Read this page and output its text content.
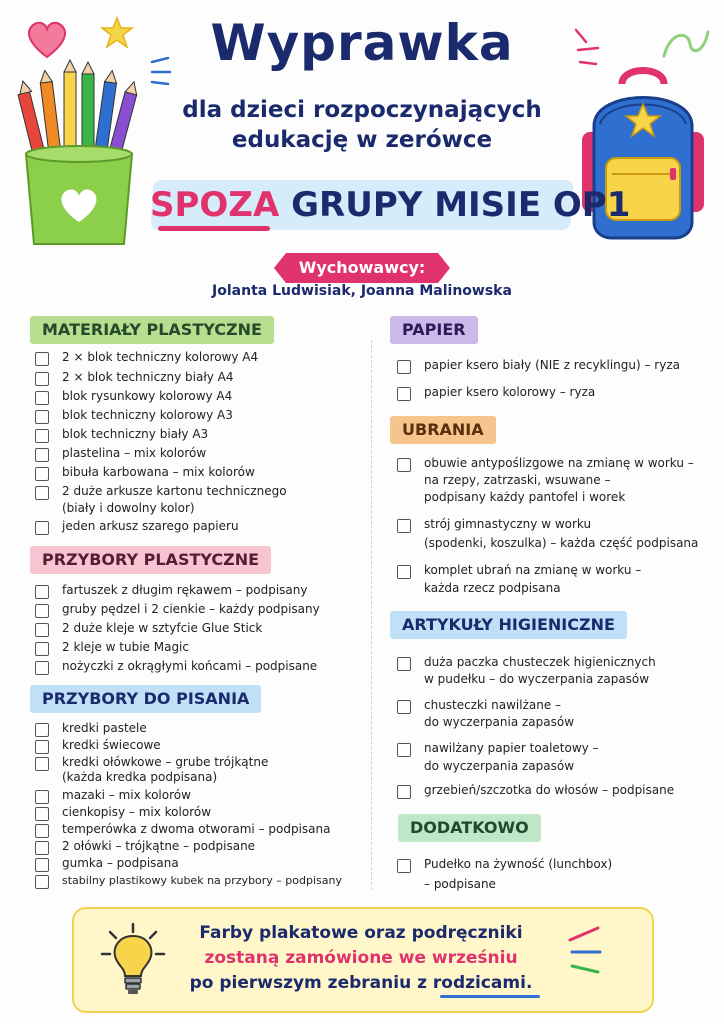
Wyprawka
dla dzieci rozpoczynających
edukację w zerówce
SPOZA GRUPY MISIE OP1
Wychowawcy:
Jolanta Ludwisiak, Joanna Malinowska
MATERIAŁY PLASTYCZNE
2 × blok techniczny kolorowy A4
2 × blok techniczny biały A4
blok rysunkowy kolorowy A4
blok techniczny kolorowy A3
blok techniczny biały A3
plastelina – mix kolorów
bibuła karbowana – mix kolorów
2 duże arkusze kartonu technicznego
(biały i dowolny kolor)
jeden arkusz szarego papieru
PRZYBORY PLASTYCZNE
fartuszek z długim rękawem – podpisany
gruby pędzel i 2 cienkie – każdy podpisany
2 duże kleje w sztyfcie Glue Stick
2 kleje w tubie Magic
nożyczki z okrągłymi końcami – podpisane
PRZYBORY DO PISANIA
kredki pastele
kredki świecowe
kredki ołówkowe – grube trójkątne
(każda kredka podpisana)
mazaki – mix kolorów
cienkopisy – mix kolorów
temperówka z dwoma otworami – podpisana
2 ołówki – trójkątne – podpisane
gumka – podpisana
stabilny plastikowy kubek na przybory – podpisany
PAPIER
papier ksero biały (NIE z recyklingu) – ryza
papier ksero kolorowy – ryza
UBRANIA
obuwie antypoślizgowe na zmianę w worku –
na rzepy, zatrzaski, wsuwane –
podpisany każdy pantofel i worek
strój gimnastyczny w worku
(spodenki, koszulka) – każda część podpisana
komplet ubrań na zmianę w worku –
każda rzecz podpisana
ARTYKUŁY HIGIENICZNE
duża paczka chusteczek higienicznych
w pudełku – do wyczerpania zapasów
chusteczki nawilżane –
do wyczerpania zapasów
nawilżany papier toaletowy –
do wyczerpania zapasów
grzebień/szczotka do włosów – podpisane
DODATKOWO
Pudełko na żywność (lunchbox)
– podpisane
Farby plakatowe oraz podręczniki
zostaną zamówione we wrześniu
po pierwszym zebraniu z rodzicami.
